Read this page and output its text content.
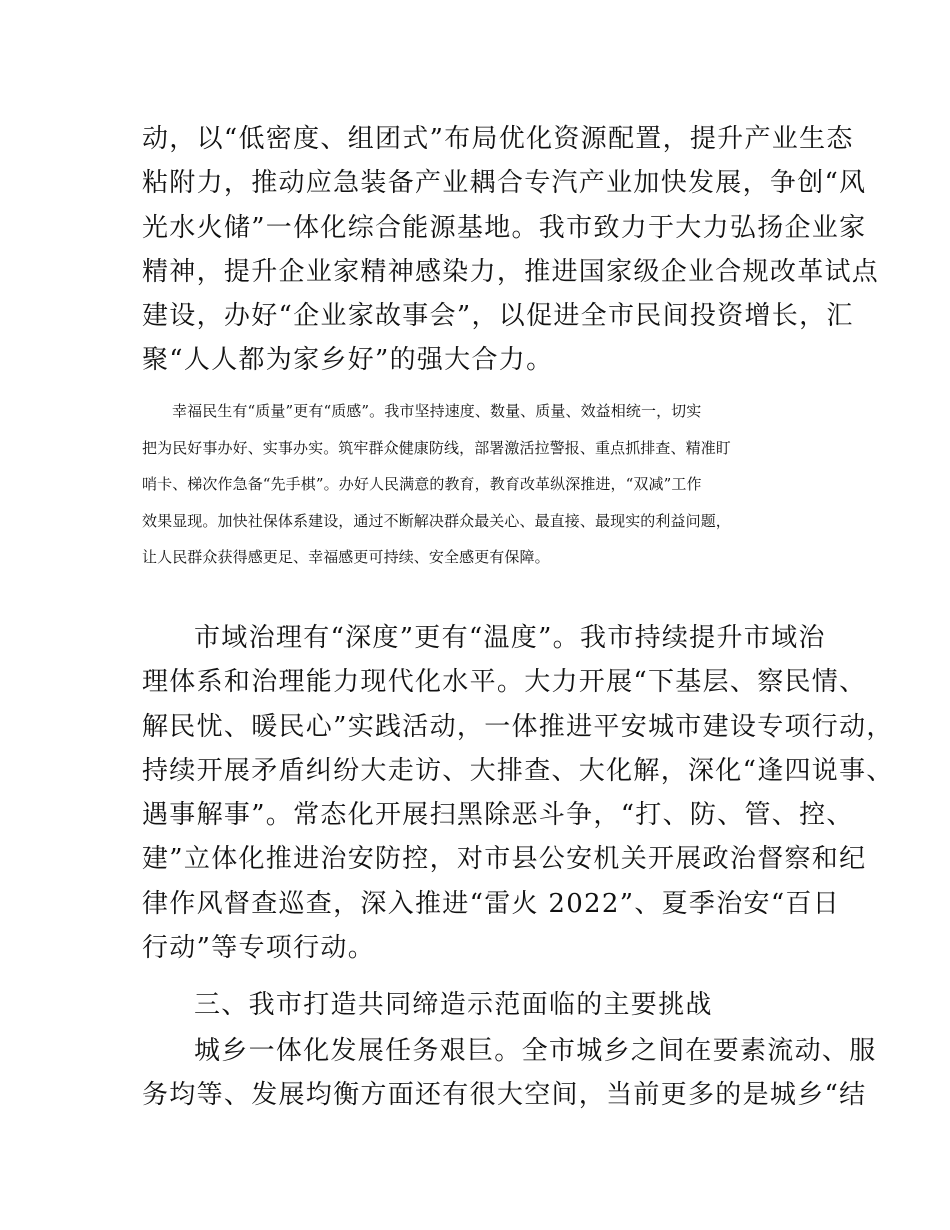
动，以“低密度、组团式”布局优化资源配置，提升产业生态
粘附力，推动应急装备产业耦合专汽产业加快发展，争创“风
光水火储”一体化综合能源基地。我市致力于大力弘扬企业家
精神，提升企业家精神感染力，推进国家级企业合规改革试点
建设，办好“企业家故事会”，以促进全市民间投资增长，汇
聚“人人都为家乡好”的强大合力。
幸福民生有“质量”更有“质感”。我市坚持速度、数量、质量、效益相统一，切实
把为民好事办好、实事办实。筑牢群众健康防线，部署激活拉警报、重点抓排查、精准盯
哨卡、梯次作急备“先手棋”。办好人民满意的教育，教育改革纵深推进，“双减”工作
效果显现。加快社保体系建设，通过不断解决群众最关心、最直接、最现实的利益问题，
让人民群众获得感更足、幸福感更可持续、安全感更有保障。
市域治理有“深度”更有“温度”。我市持续提升市域治
理体系和治理能力现代化水平。大力开展“下基层、察民情、
解民忧、暖民心”实践活动，一体推进平安城市建设专项行动，
持续开展矛盾纠纷大走访、大排查、大化解，深化“逢四说事、
遇事解事”。常态化开展扫黑除恶斗争，“打、防、管、控、
建”立体化推进治安防控，对市县公安机关开展政治督察和纪
律作风督查巡查，深入推进“雷火 2022”、夏季治安“百日
行动”等专项行动。
三、我市打造共同缔造示范面临的主要挑战
城乡一体化发展任务艰巨。全市城乡之间在要素流动、服
务均等、发展均衡方面还有很大空间，当前更多的是城乡“结
